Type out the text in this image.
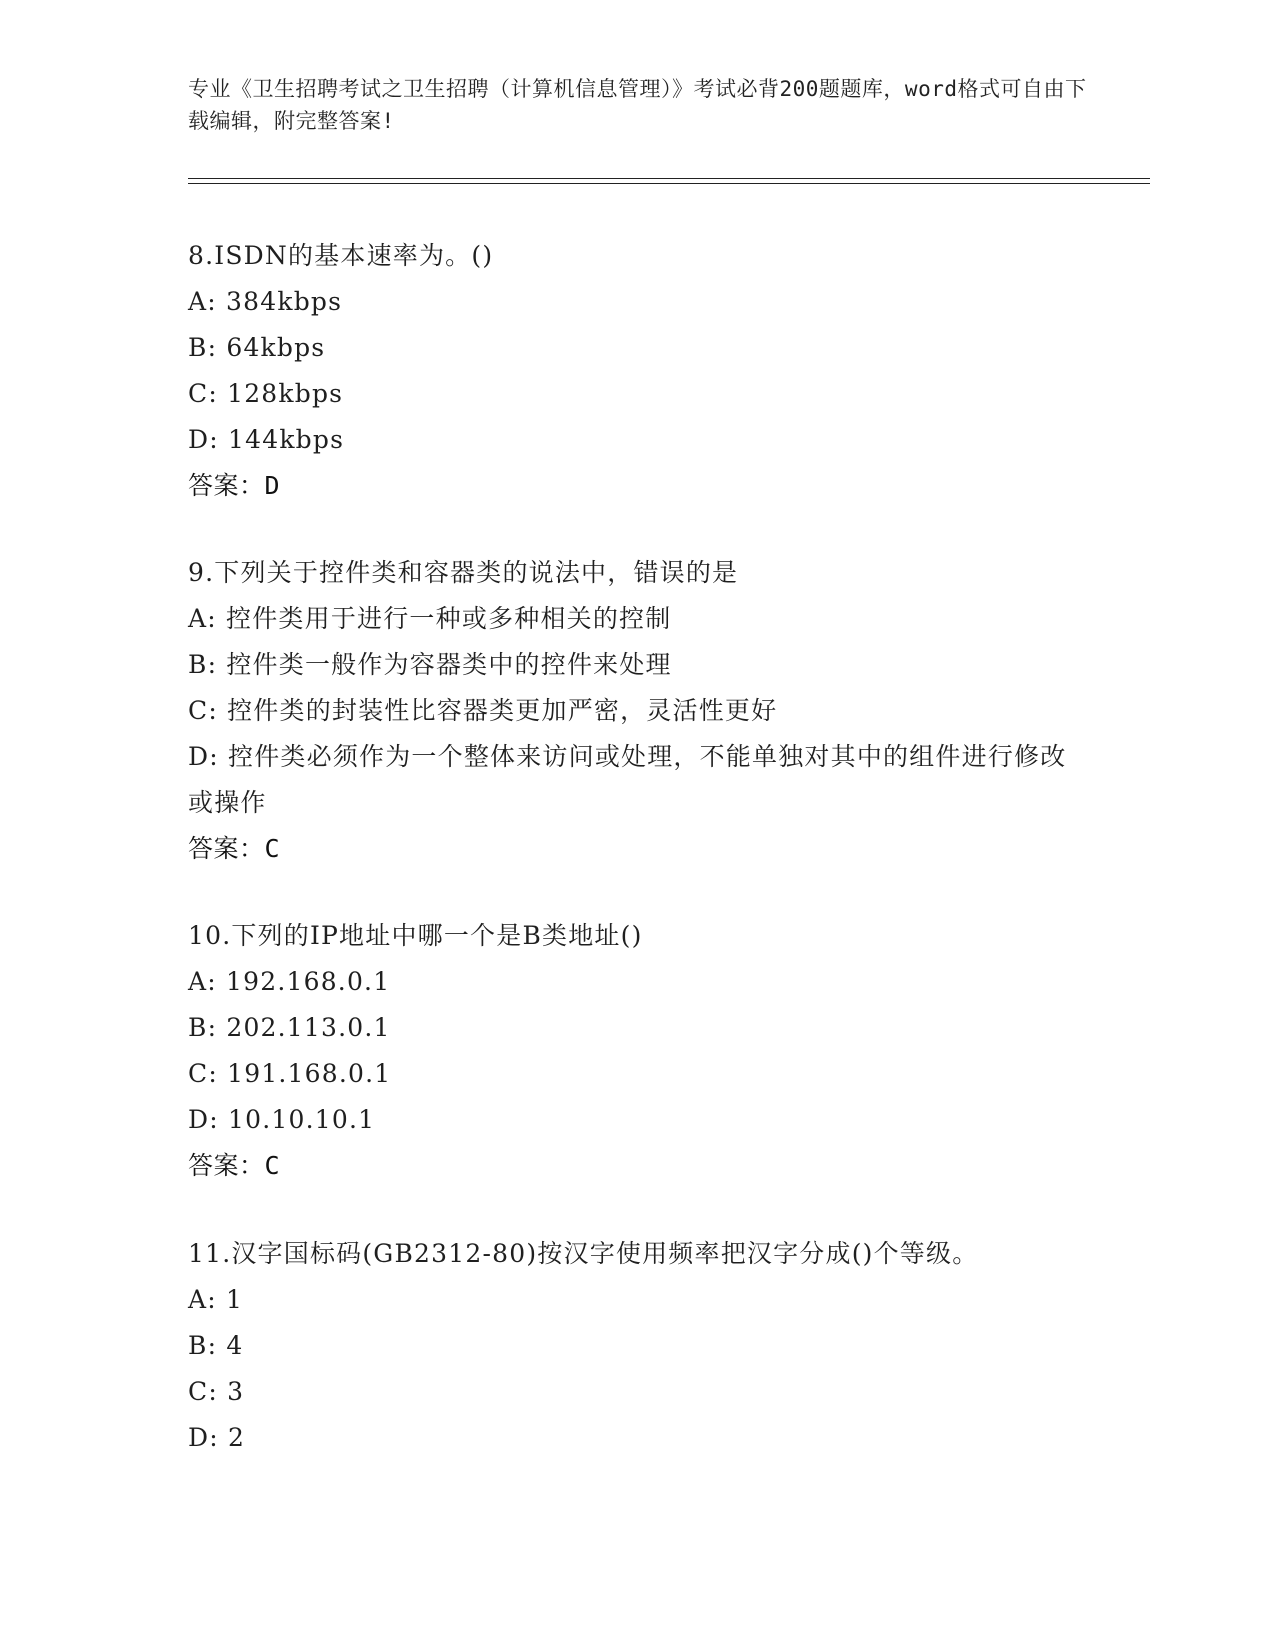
专业《卫生招聘考试之卫生招聘（计算机信息管理）》考试必背200题题库，word格式可自由下载编辑，附完整答案!
8.ISDN的基本速率为。()
A: 384kbps
B: 64kbps
C: 128kbps
D: 144kbps
答案：D
9.下列关于控件类和容器类的说法中，错误的是
A: 控件类用于进行一种或多种相关的控制
B: 控件类一般作为容器类中的控件来处理
C: 控件类的封装性比容器类更加严密，灵活性更好
D: 控件类必须作为一个整体来访问或处理，不能单独对其中的组件进行修改或操作
答案：C
10.下列的IP地址中哪一个是B类地址()
A: 192.168.0.1
B: 202.113.0.1
C: 191.168.0.1
D: 10.10.10.1
答案：C
11.汉字国标码(GB2312-80)按汉字使用频率把汉字分成()个等级。
A: 1
B: 4
C: 3
D: 2
